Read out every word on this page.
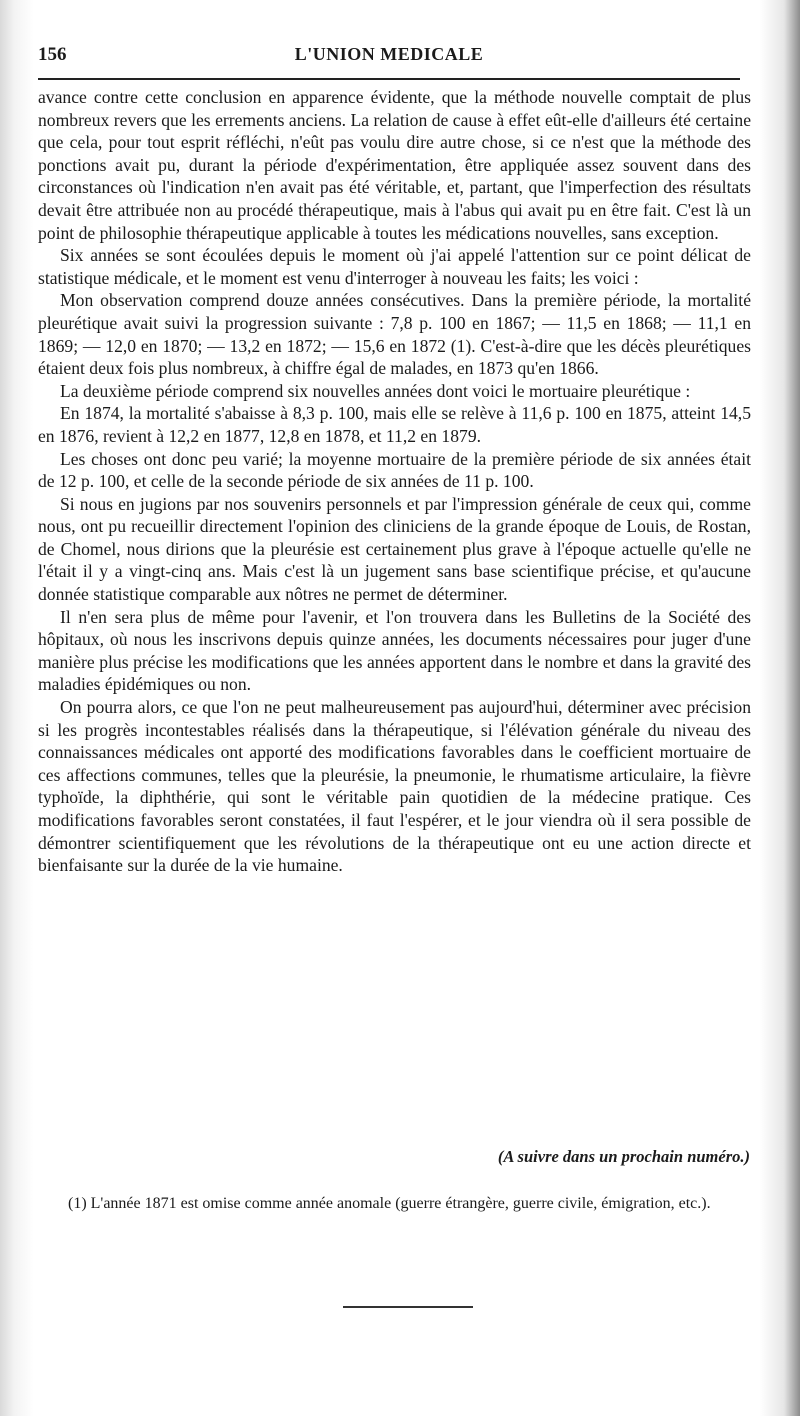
156	L'UNION MEDICALE

avance contre cette conclusion en apparence évidente, que la méthode nouvelle comptait de plus nombreux revers que les errements anciens. La relation de cause à effet eût-elle d'ailleurs été certaine que cela, pour tout esprit réfléchi, n'eût pas voulu dire autre chose, si ce n'est que la méthode des ponctions avait pu, durant la période d'expérimentation, être appliquée assez souvent dans des circonstances où l'indication n'en avait pas été véritable, et, partant, que l'imperfection des résultats devait être attribuée non au procédé thérapeutique, mais à l'abus qui avait pu en être fait. C'est là un point de philosophie thérapeutique applicable à toutes les médications nouvelles, sans exception.

Six années se sont écoulées depuis le moment où j'ai appelé l'attention sur ce point délicat de statistique médicale, et le moment est venu d'interroger à nouveau les faits; les voici :

Mon observation comprend douze années consécutives. Dans la première période, la mortalité pleurétique avait suivi la progression suivante : 7,8 p. 100 en 1867; — 11,5 en 1868; — 11,1 en 1869; — 12,0 en 1870; — 13,2 en 1872; — 15,6 en 1872 (1). C'est-à-dire que les décès pleurétiques étaient deux fois plus nombreux, à chiffre égal de malades, en 1873 qu'en 1866.

La deuxième période comprend six nouvelles années dont voici le mortuaire pleurétique :

En 1874, la mortalité s'abaisse à 8,3 p. 100, mais elle se relève à 11,6 p. 100 en 1875, atteint 14,5 en 1876, revient à 12,2 en 1877, 12,8 en 1878, et 11,2 en 1879.

Les choses ont donc peu varié; la moyenne mortuaire de la première période de six années était de 12 p. 100, et celle de la seconde période de six années de 11 p. 100.

Si nous en jugions par nos souvenirs personnels et par l'impression générale de ceux qui, comme nous, ont pu recueillir directement l'opinion des cliniciens de la grande époque de Louis, de Rostan, de Chomel, nous dirions que la pleurésie est certainement plus grave à l'époque actuelle qu'elle ne l'était il y a vingt-cinq ans. Mais c'est là un jugement sans base scientifique précise, et qu'aucune donnée statistique comparable aux nôtres ne permet de déterminer.

Il n'en sera plus de même pour l'avenir, et l'on trouvera dans les Bulletins de la Société des hôpitaux, où nous les inscrivons depuis quinze années, les documents nécessaires pour juger d'une manière plus précise les modifications que les années apportent dans le nombre et dans la gravité des maladies épidémiques ou non.

On pourra alors, ce que l'on ne peut malheureusement pas aujourd'hui, déterminer avec précision si les progrès incontestables réalisés dans la thérapeutique, si l'élévation générale du niveau des connaissances médicales ont apporté des modifications favorables dans le coefficient mortuaire de ces affections communes, telles que la pleurésie, la pneumonie, le rhumatisme articulaire, la fièvre typhoïde, la diphthérie, qui sont le véritable pain quotidien de la médecine pratique. Ces modifications favorables seront constatées, il faut l'espérer, et le jour viendra où il sera possible de démontrer scientifiquement que les révolutions de la thérapeutique ont eu une action directe et bienfaisante sur la durée de la vie humaine.

(A suivre dans un prochain numéro.)

(1) L'année 1871 est omise comme année anomale (guerre étrangère, guerre civile, émigration, etc.).
